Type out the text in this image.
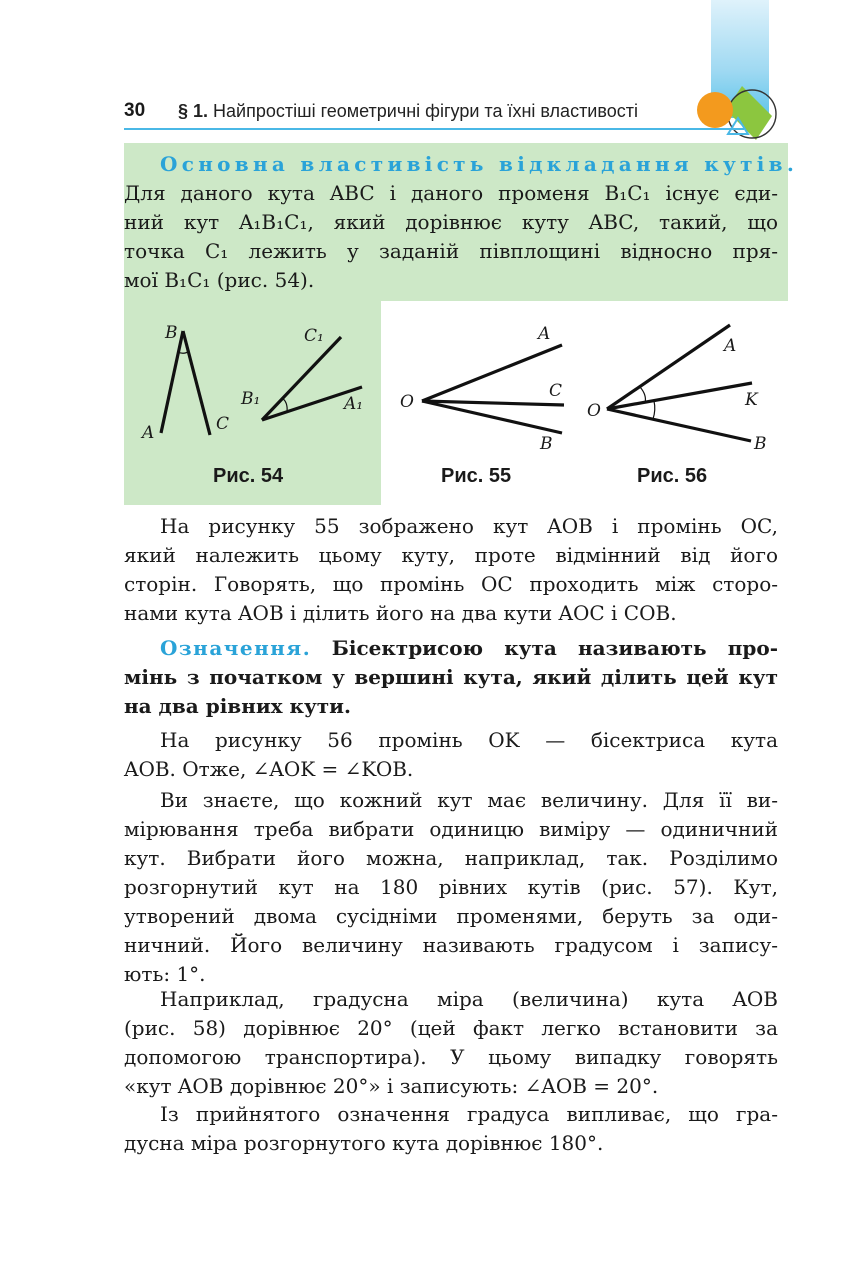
30 § 1. Найпростіші геометричні фігури та їхні властивості
Основна властивість відкладання кутів.
Для даного кута ABC і даного променя B₁C₁ існує єди-
ний кут A₁B₁C₁, який дорівнює куту ABC, такий, що
точка C₁ лежить у заданій півплощині відносно пря-
мої B₁C₁ (рис. 54).
B
A	C
C₁
B₁	A₁
Рис. 54
O
A
C
B
Рис. 55
O
A
K
B
Рис. 56
На рисунку 55 зображено кут AOB і промінь OC,
який належить цьому куту, проте відмінний від його
сторін. Говорять, що промінь ОС проходить між сторо-
нами кута AOB і ділить його на два кути AOC і COB.
Означення. Бісектрисою кута називають про-
мінь з початком у вершині кута, який ділить цей кут
на два рівних кути.
На рисунку 56 промінь OK — бісектриса кута
AOB. Отже, ∠AOK = ∠KOB.
Ви знаєте, що кожний кут має величину. Для її ви-
мірювання треба вибрати одиницю виміру — одиничний
кут. Вибрати його можна, наприклад, так. Розділимо
розгорнутий кут на 180 рівних кутів (рис. 57). Кут,
утворений двома сусідніми променями, беруть за оди-
ничний. Його величину називають градусом і запису-
ють: 1°.
Наприклад, градусна міра (величина) кута AOB
(рис. 58) дорівнює 20° (цей факт легко встановити за
допомогою транспортира). У цьому випадку говорять
«кут AOB дорівнює 20°» і записують: ∠AOB = 20°.
Із прийнятого означення градуса випливає, що гра-
дусна міра розгорнутого кута дорівнює 180°.
